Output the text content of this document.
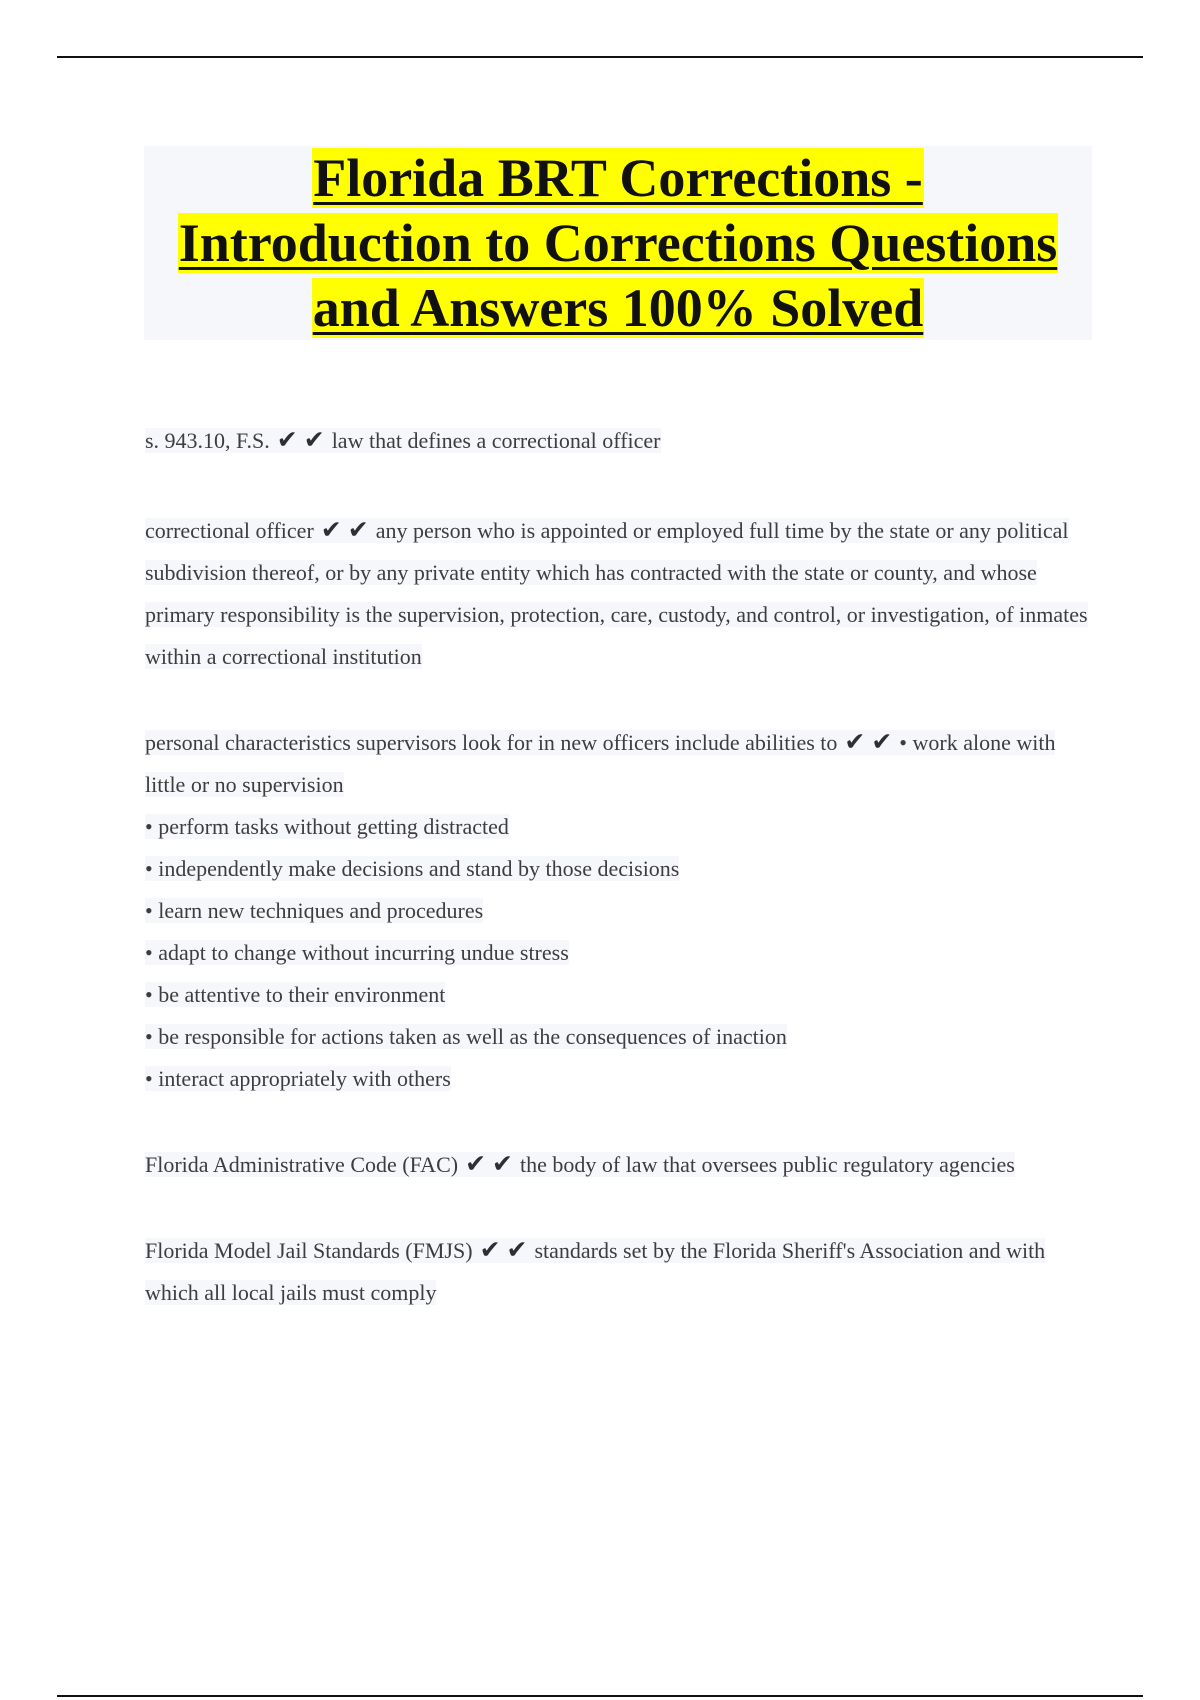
Florida BRT Corrections -
Introduction to Corrections Questions
and Answers 100% Solved
s. 943.10, F.S. ✔ ✔ law that defines a correctional officer
correctional officer ✔ ✔ any person who is appointed or employed full time by the state or any political subdivision thereof, or by any private entity which has contracted with the state or county, and whose primary responsibility is the supervision, protection, care, custody, and control, or investigation, of inmates within a correctional institution
personal characteristics supervisors look for in new officers include abilities to ✔ ✔ • work alone with little or no supervision
• perform tasks without getting distracted
• independently make decisions and stand by those decisions
• learn new techniques and procedures
• adapt to change without incurring undue stress
• be attentive to their environment
• be responsible for actions taken as well as the consequences of inaction
• interact appropriately with others
Florida Administrative Code (FAC) ✔ ✔ the body of law that oversees public regulatory agencies
Florida Model Jail Standards (FMJS) ✔ ✔ standards set by the Florida Sheriff's Association and with which all local jails must comply
